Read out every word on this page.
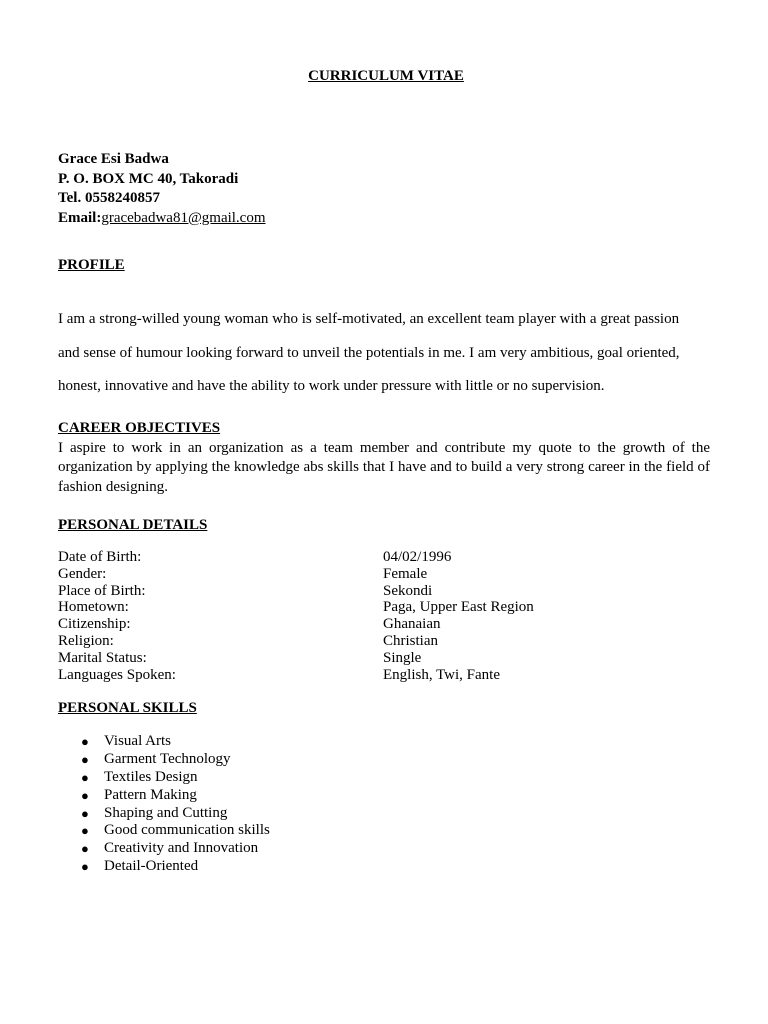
CURRICULUM VITAE
Grace Esi Badwa
P. O. BOX MC 40, Takoradi
Tel. 0558240857
Email:gracebadwa81@gmail.com
PROFILE
I am a strong-willed young woman who is self-motivated, an excellent team player with a great passion
and sense of humour looking forward to unveil the potentials in me. I am very ambitious, goal oriented,
honest, innovative and have the ability to work under pressure with little or no supervision.
CAREER OBJECTIVES
I aspire to work in an organization as a team member and contribute my quote to the growth of the organization by applying the knowledge abs skills that I have and to build a very strong career in the field of fashion designing.
PERSONAL DETAILS
Date of Birth:	04/02/1996
Gender:	Female
Place of Birth:	Sekondi
Hometown:	Paga, Upper East Region
Citizenship:	Ghanaian
Religion:	Christian
Marital Status:	Single
Languages Spoken:	English, Twi, Fante
PERSONAL SKILLS
● Visual Arts
● Garment Technology
● Textiles Design
● Pattern Making
● Shaping and Cutting
● Good communication skills
● Creativity and Innovation
● Detail-Oriented
